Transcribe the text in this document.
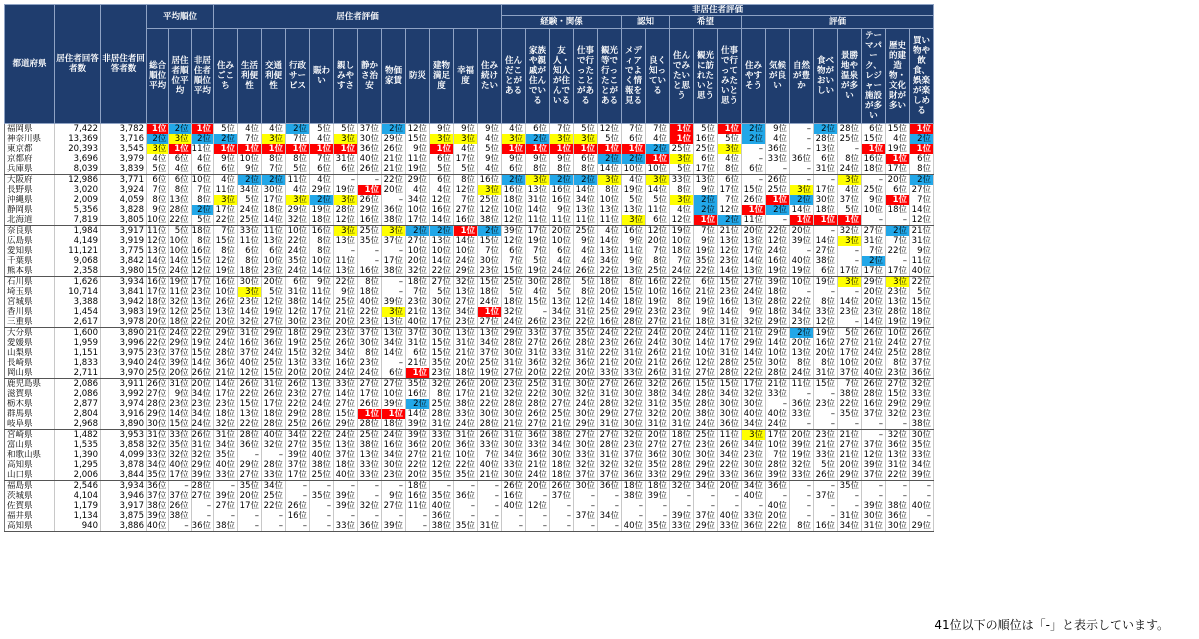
都道府県	居住者回答者数	非居住者回答者数	平均順位			居住者評価												非居住者評価																	
																		経験・関係					認知		希望			評価							
			総合順位平均	居住者順位平均	非居住者順位平均	住みごこち	生活利便性	交通利便性	行政サービス	賑わい	親しみやすさ	静かさ治安	物価家賃	防災	建物満足度	幸福度	住み続けたい	住んだことがある	家族や親戚が住んでいる	友人・知人が住んでいる	仕事で行ったことがある	観光等で行ったことがある	メディアでよく情報を見る	良く知っている	住んでみたいと思う	観光に訪れたいと思う	仕事で行ってみたいと思う	住みやすそう	気候が良い	自然が豊か	食べ物がおいしい	景勝地や温泉が多い	テーマパーク、レジャー施設が多い	歴史的建造物・文化財が多い	買い物や飲食、娯楽が楽しめる
福岡県	7,422	3,782	1位	2位	1位	5位	4位	4位	2位	5位	5位	37位	2位	12位	9位	9位	9位	4位	6位	7位	5位	12位	7位	7位	1位	5位	1位	2位	9位	–	2位	28位	6位	15位	1位
神奈川県	13,369	3,716	2位	3位	2位	2位	7位	3位	7位	4位	3位	30位	29位	15位	3位	3位	4位	3位	2位	3位	3位	5位	6位	4位	1位	16位	5位	2位	4位	–	28位	25位	15位	4位	2位
東京都	20,393	3,545	3位	1位	11位	1位	1位	1位	1位	1位	1位	36位	26位	9位	1位	4位	5位	1位	1位	1位	1位	1位	1位	2位	25位	25位	3位	–	36位	–	13位	–	1位	19位	1位
京都府	3,696	3,979	4位	6位	4位	9位	10位	8位	8位	7位	31位	40位	21位	11位	6位	17位	9位	9位	9位	9位	6位	2位	2位	1位	3位	6位	4位	–	33位	36位	6位	8位	16位	1位	6位
兵庫県	8,039	3,839	5位	4位	6位	6位	9位	7位	5位	6位	6位	26位	21位	19位	5位	5位	4位	6位	8位	8位	8位	14位	10位	10位	5位	17位	8位	6位	–	–	31位	24位	18位	17位	8位
大阪府	12,986	3,771	6位	6位	10位	4位	2位	2位	11位	4位	–	–	22位	29位	6位	8位	16位	2位	3位	2位	2位	3位	4位	3位	33位	13位	6位	–	26位	–	–	3位	–	20位	2位
長野県	3,020	3,924	7位	8位	7位	11位	34位	30位	4位	29位	19位	1位	20位	4位	4位	12位	3位	16位	13位	16位	14位	8位	19位	14位	8位	9位	17位	15位	25位	3位	17位	4位	25位	6位	27位
沖縄県	2,009	4,059	8位	13位	8位	3位	5位	17位	3位	2位	3位	26位	–	34位	12位	7位	25位	18位	31位	16位	34位	10位	5位	5位	3位	2位	7位	26位	1位	2位	30位	37位	9位	1位	7位
静岡県	5,356	3,828	9位	28位	2位	17位	24位	18位	29位	19位	28位	29位	36位	10位	16位	27位	12位	10位	14位	9位	13位	13位	13位	11位	4位	2位	12位	1位	2位	14位	18位	5位	10位	18位	14位
北海道	7,819	3,805	10位	22位	5位	22位	25位	14位	32位	18位	12位	16位	38位	17位	14位	16位	38位	12位	11位	11位	11位	11位	3位	6位	12位	1位	2位	11位	–	1位	1位	1位	–	–	12位
奈良県	1,984	3,917	11位	5位	18位	7位	33位	11位	10位	16位	3位	25位	3位	2位	2位	1位	2位	39位	17位	20位	25位	4位	16位	12位	19位	7位	21位	20位	22位	20位	–	32位	27位	2位	21位
広島県	4,149	3,919	12位	10位	8位	15位	11位	13位	22位	8位	13位	35位	37位	27位	13位	14位	15位	12位	19位	10位	9位	14位	9位	20位	10位	9位	13位	13位	12位	39位	14位	3位	31位	7位	31位
愛知県	11,121	3,775	13位	10位	16位	8位	6位	6位	24位	8位	–	–	–	10位	10位	10位	7位	6位	7位	6位	4位	13位	11位	7位	18位	19位	12位	17位	24位	–	27位	–	7位	22位	9位
千葉県	9,068	3,842	14位	14位	15位	12位	8位	10位	35位	10位	11位	–	17位	20位	14位	24位	30位	7位	5位	4位	4位	34位	9位	8位	7位	35位	23位	14位	16位	40位	38位	–	2位	–	11位
熊本県	2,358	3,980	15位	24位	12位	19位	18位	23位	24位	14位	13位	16位	38位	32位	22位	29位	23位	15位	19位	24位	26位	22位	13位	25位	24位	22位	14位	13位	19位	19位	6位	17位	17位	17位	40位
石川県	1,626	3,934	16位	19位	17位	16位	30位	20位	6位	9位	22位	8位	–	18位	27位	32位	15位	25位	30位	28位	5位	18位	8位	16位	22位	6位	15位	27位	39位	10位	19位	3位	29位	3位	22位
埼玉県	10,714	3,841	17位	11位	23位	10位	3位	5位	31位	11位	9位	18位	–	7位	5位	13位	18位	5位	4位	5位	8位	20位	15位	10位	16位	21位	23位	24位	18位	–	–	–	20位	23位	5位
宮城県	3,388	3,942	18位	32位	13位	26位	23位	12位	38位	14位	25位	40位	39位	23位	30位	27位	24位	18位	15位	13位	12位	14位	18位	19位	8位	19位	16位	13位	28位	22位	8位	14位	20位	13位	15位
香川県	1,454	3,983	19位	12位	25位	13位	14位	19位	12位	17位	21位	22位	3位	21位	13位	34位	1位	32位	–	34位	31位	25位	29位	23位	23位	9位	14位	9位	18位	34位	33位	23位	23位	28位	18位
三重県	2,617	3,978	20位	18位	22位	20位	32位	27位	30位	23位	20位	23位	13位	40位	17位	23位	27位	24位	26位	23位	22位	16位	28位	27位	21位	18位	31位	32位	29位	23位	12位	–	14位	19位	19位
大分県	1,600	3,890	21位	24位	22位	29位	31位	29位	18位	29位	23位	37位	13位	37位	30位	13位	13位	29位	33位	37位	35位	24位	22位	24位	20位	24位	11位	21位	29位	2位	19位	5位	26位	10位	26位
愛媛県	1,959	3,996	22位	29位	19位	24位	16位	36位	19位	25位	26位	30位	34位	31位	15位	31位	34位	28位	27位	26位	28位	23位	26位	24位	30位	14位	17位	29位	14位	20位	16位	27位	21位	24位	27位
山梨県	1,151	3,975	23位	37位	15位	28位	37位	24位	15位	32位	34位	8位	14位	6位	15位	21位	37位	30位	31位	33位	31位	22位	31位	26位	21位	10位	31位	14位	10位	13位	20位	17位	24位	25位	28位
長崎県	1,833	3,940	24位	39位	14位	36位	40位	25位	13位	33位	16位	23位	–	21位	35位	20位	25位	31位	36位	32位	36位	21位	20位	21位	26位	12位	28位	25位	30位	8位	8位	10位	20位	8位	37位
岡山県	2,711	3,970	25位	20位	26位	21位	12位	15位	20位	20位	24位	24位	6位	1位	23位	18位	19位	27位	20位	22位	20位	33位	33位	26位	31位	27位	28位	22位	28位	24位	31位	37位	40位	23位	36位
鹿児島県	2,086	3,911	26位	31位	20位	14位	26位	31位	26位	13位	33位	27位	27位	35位	32位	26位	20位	23位	25位	31位	30位	27位	26位	32位	26位	15位	15位	17位	21位	11位	15位	7位	26位	27位	32位
滋賀県	2,086	3,992	27位	9位	34位	17位	22位	26位	23位	27位	14位	17位	10位	16位	8位	17位	21位	32位	22位	30位	32位	31位	30位	38位	34位	28位	34位	32位	33位	–	–	38位	28位	15位	33位
栃木県	2,877	3,974	28位	23位	23位	23位	15位	17位	22位	24位	27位	26位	39位	2位	25位	38位	22位	28位	28位	27位	24位	28位	32位	31位	35位	28位	30位	30位	–	36位	23位	22位	16位	29位	29位
群馬県	2,804	3,916	29位	14位	34位	18位	13位	18位	29位	28位	15位	1位	1位	14位	28位	33位	30位	30位	26位	25位	30位	29位	27位	32位	20位	38位	30位	40位	40位	33位	–	35位	37位	32位	23位
岐阜県	2,968	3,890	30位	15位	24位	32位	22位	28位	25位	26位	29位	28位	18位	39位	31位	24位	28位	21位	27位	21位	29位	31位	30位	31位	31位	24位	36位	34位	24位	–	–	–	–	–	38位
宮崎県	1,482	3,953	31位	33位	26位	31位	28位	40位	34位	22位	24位	25位	24位	39位	33位	31位	26位	31位	36位	38位	27位	27位	32位	20位	18位	25位	11位	3位	17位	20位	23位	21位	–	32位	30位
富山県	1,535	3,858	32位	35位	31位	34位	36位	32位	27位	35位	13位	38位	16位	36位	20位	36位	33位	30位	33位	34位	30位	28位	23位	27位	27位	23位	26位	34位	10位	39位	21位	27位	37位	36位	35位
和歌山県	1,390	4,099	33位	32位	32位	35位	–	–	39位	40位	37位	13位	34位	27位	21位	10位	7位	34位	36位	30位	33位	31位	37位	36位	30位	30位	34位	23位	7位	19位	33位	21位	12位	13位	33位
高知県	1,295	3,878	34位	40位	29位	40位	29位	28位	37位	38位	18位	33位	30位	22位	12位	22位	40位	33位	21位	18位	32位	32位	32位	35位	28位	29位	22位	30位	28位	32位	5位	20位	39位	31位	34位
山口県	2,006	3,844	35位	17位	39位	33位	27位	33位	17位	25位	40位	33位	23位	20位	35位	35位	21位	30位	24位	18位	37位	37位	36位	33位	29位	29位	33位	36位	39位	33位	26位	29位	37位	22位	39位
福島県	2,546	3,934	36位	–	28位	–	35位	34位	–	–	–	–	–	18位	–	–	–	26位	20位	26位	30位	36位	18位	18位	32位	34位	20位	34位	36位	–	–	35位	–	–	–
茨城県	4,104	3,946	37位	37位	27位	39位	20位	25位	–	35位	39位	–	9位	16位	35位	36位	–	16位	–	37位	–	–	38位	39位	–	–	–	40位	–	–	37位	–	–	–	–
佐賀県	1,179	3,917	38位	26位	–	27位	17位	22位	26位	–	39位	32位	27位	11位	40位	–	–	40位	12位	–	–	–	–	–	–	–	–	–	40位	–	–	–	39位	38位	40位
福井県	1,134	3,875	39位	38位	–	–	–	–	16位	–	–	–	–	–	36位	–	–	–	–	–	37位	34位	–	–	39位	37位	40位	33位	20位	–	–	31位	30位	36位	–
高知県	940	3,886	40位	–	36位	38位	–	–	–	–	33位	36位	39位	–	38位	35位	31位	–	–	–	–	–	40位	35位	33位	29位	33位	36位	22位	8位	16位	34位	31位	30位	29位
41位以下の順位は「-」と表示しています。
